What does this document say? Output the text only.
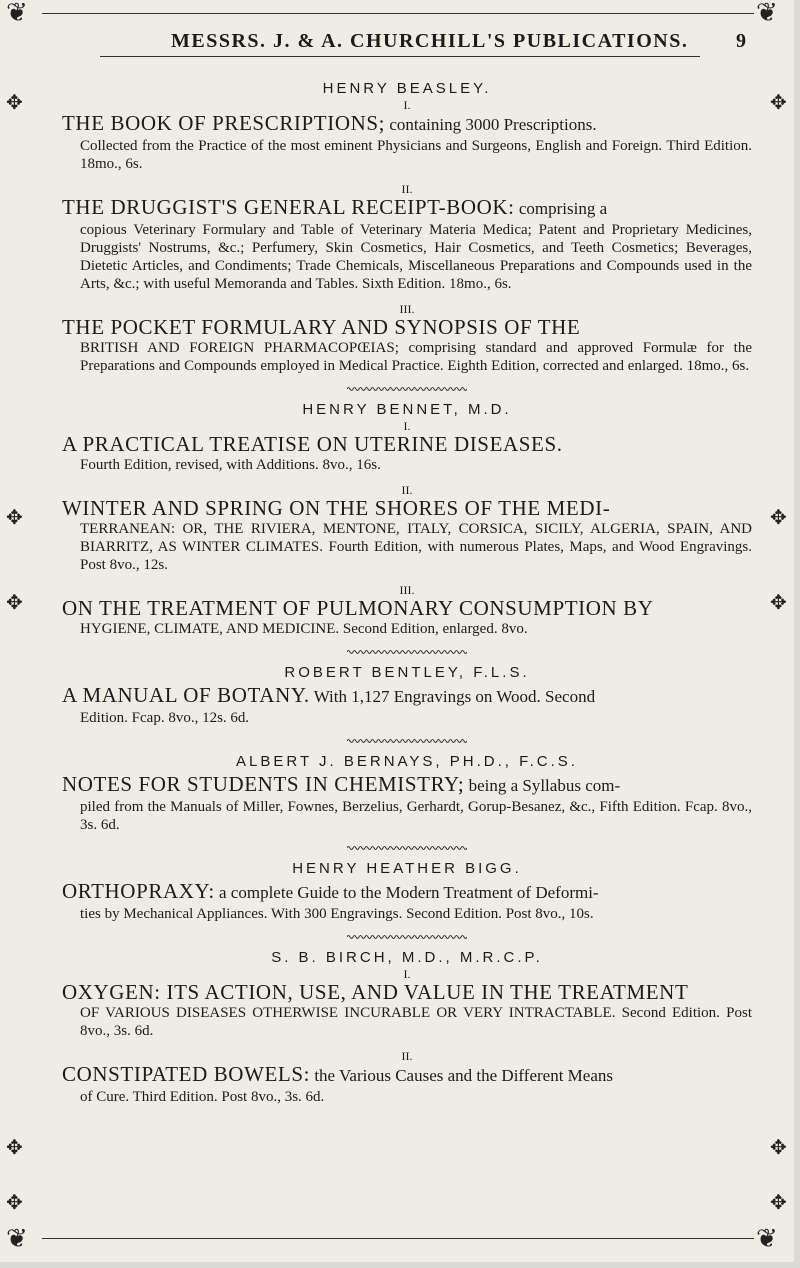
❦	❦
❦	❦
✥
✥
✥
✥
✥
✥
✥
✥
✥
✥
MESSRS. J. & A. CHURCHILL'S PUBLICATIONS. 9
HENRY BEASLEY.
I.
THE BOOK OF PRESCRIPTIONS; containing 3000 Prescriptions.
Collected from the Practice of the most eminent Physicians and Surgeons, English and Foreign. Third Edition. 18mo., 6s.
II.
THE DRUGGIST'S GENERAL RECEIPT-BOOK: comprising a
copious Veterinary Formulary and Table of Veterinary Materia Medica; Patent and Proprietary Medicines, Druggists' Nostrums, &c.; Perfumery, Skin Cosmetics, Hair Cosmetics, and Teeth Cosmetics; Beverages, Dietetic Articles, and Condiments; Trade Chemicals, Miscellaneous Preparations and Compounds used in the Arts, &c.; with useful Memoranda and Tables. Sixth Edition. 18mo., 6s.
III.
THE POCKET FORMULARY AND SYNOPSIS OF THE
BRITISH AND FOREIGN PHARMACOPŒIAS; comprising standard and approved Formulæ for the Preparations and Compounds employed in Medical Practice. Eighth Edition, corrected and enlarged. 18mo., 6s.
HENRY BENNET, M.D.
I.
A PRACTICAL TREATISE ON UTERINE DISEASES.
Fourth Edition, revised, with Additions. 8vo., 16s.
II.
WINTER AND SPRING ON THE SHORES OF THE MEDI-
TERRANEAN: OR, THE RIVIERA, MENTONE, ITALY, CORSICA, SICILY, ALGERIA, SPAIN, AND BIARRITZ, AS WINTER CLIMATES. Fourth Edition, with numerous Plates, Maps, and Wood Engravings. Post 8vo., 12s.
III.
ON THE TREATMENT OF PULMONARY CONSUMPTION BY
HYGIENE, CLIMATE, AND MEDICINE. Second Edition, enlarged. 8vo.
ROBERT BENTLEY, F.L.S.
A MANUAL OF BOTANY. With 1,127 Engravings on Wood. Second
Edition. Fcap. 8vo., 12s. 6d.
ALBERT J. BERNAYS, PH.D., F.C.S.
NOTES FOR STUDENTS IN CHEMISTRY; being a Syllabus com-
piled from the Manuals of Miller, Fownes, Berzelius, Gerhardt, Gorup-Besanez, &c., Fifth Edition. Fcap. 8vo., 3s. 6d.
HENRY HEATHER BIGG.
ORTHOPRAXY: a complete Guide to the Modern Treatment of Deformi-
ties by Mechanical Appliances. With 300 Engravings. Second Edition. Post 8vo., 10s.
S. B. BIRCH, M.D., M.R.C.P.
I.
OXYGEN: ITS ACTION, USE, AND VALUE IN THE TREATMENT
OF VARIOUS DISEASES OTHERWISE INCURABLE OR VERY INTRACTABLE. Second Edition. Post 8vo., 3s. 6d.
II.
CONSTIPATED BOWELS: the Various Causes and the Different Means
of Cure. Third Edition. Post 8vo., 3s. 6d.
